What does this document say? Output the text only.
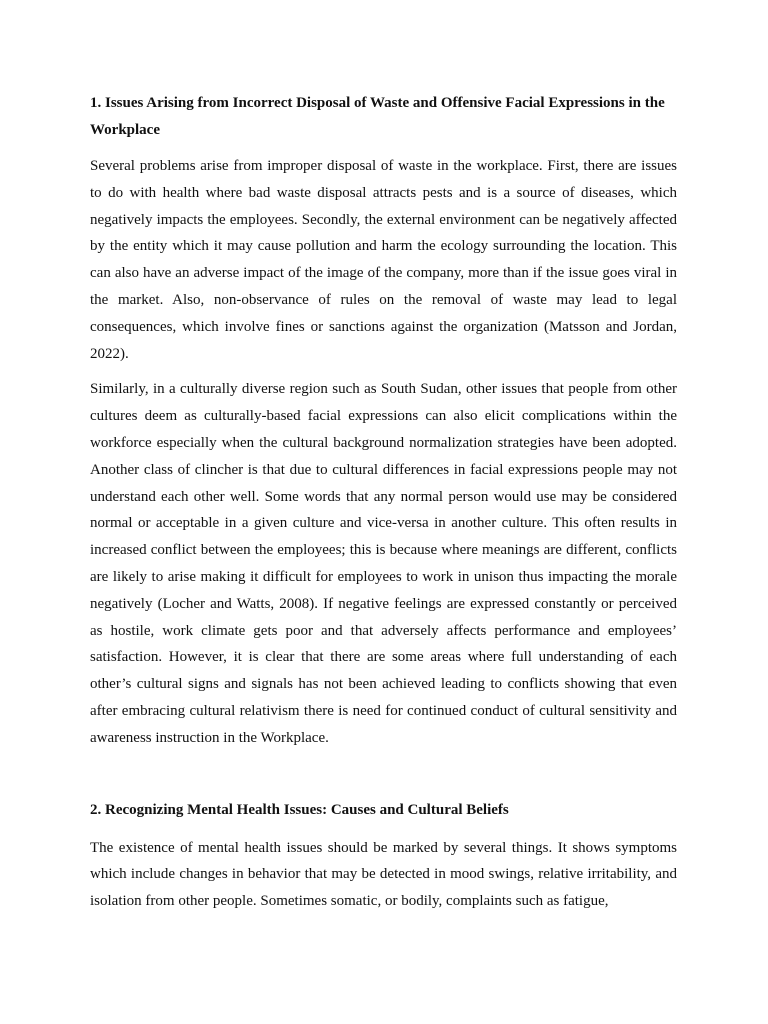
1. Issues Arising from Incorrect Disposal of Waste and Offensive Facial Expressions in the Workplace

Several problems arise from improper disposal of waste in the workplace. First, there are issues to do with health where bad waste disposal attracts pests and is a source of diseases, which negatively impacts the employees. Secondly, the external environment can be negatively affected by the entity which it may cause pollution and harm the ecology surrounding the location. This can also have an adverse impact of the image of the company, more than if the issue goes viral in the market. Also, non-observance of rules on the removal of waste may lead to legal consequences, which involve fines or sanctions against the organization (Matsson and Jordan, 2022).

Similarly, in a culturally diverse region such as South Sudan, other issues that people from other cultures deem as culturally-based facial expressions can also elicit complications within the workforce especially when the cultural background normalization strategies have been adopted. Another class of clincher is that due to cultural differences in facial expressions people may not understand each other well. Some words that any normal person would use may be considered normal or acceptable in a given culture and vice-versa in another culture. This often results in increased conflict between the employees; this is because where meanings are different, conflicts are likely to arise making it difficult for employees to work in unison thus impacting the morale negatively (Locher and Watts, 2008). If negative feelings are expressed constantly or perceived as hostile, work climate gets poor and that adversely affects performance and employees’ satisfaction. However, it is clear that there are some areas where full understanding of each other’s cultural signs and signals has not been achieved leading to conflicts showing that even after embracing cultural relativism there is need for continued conduct of cultural sensitivity and awareness instruction in the Workplace.

2. Recognizing Mental Health Issues: Causes and Cultural Beliefs

The existence of mental health issues should be marked by several things. It shows symptoms which include changes in behavior that may be detected in mood swings, relative irritability, and isolation from other people. Sometimes somatic, or bodily, complaints such as fatigue,
